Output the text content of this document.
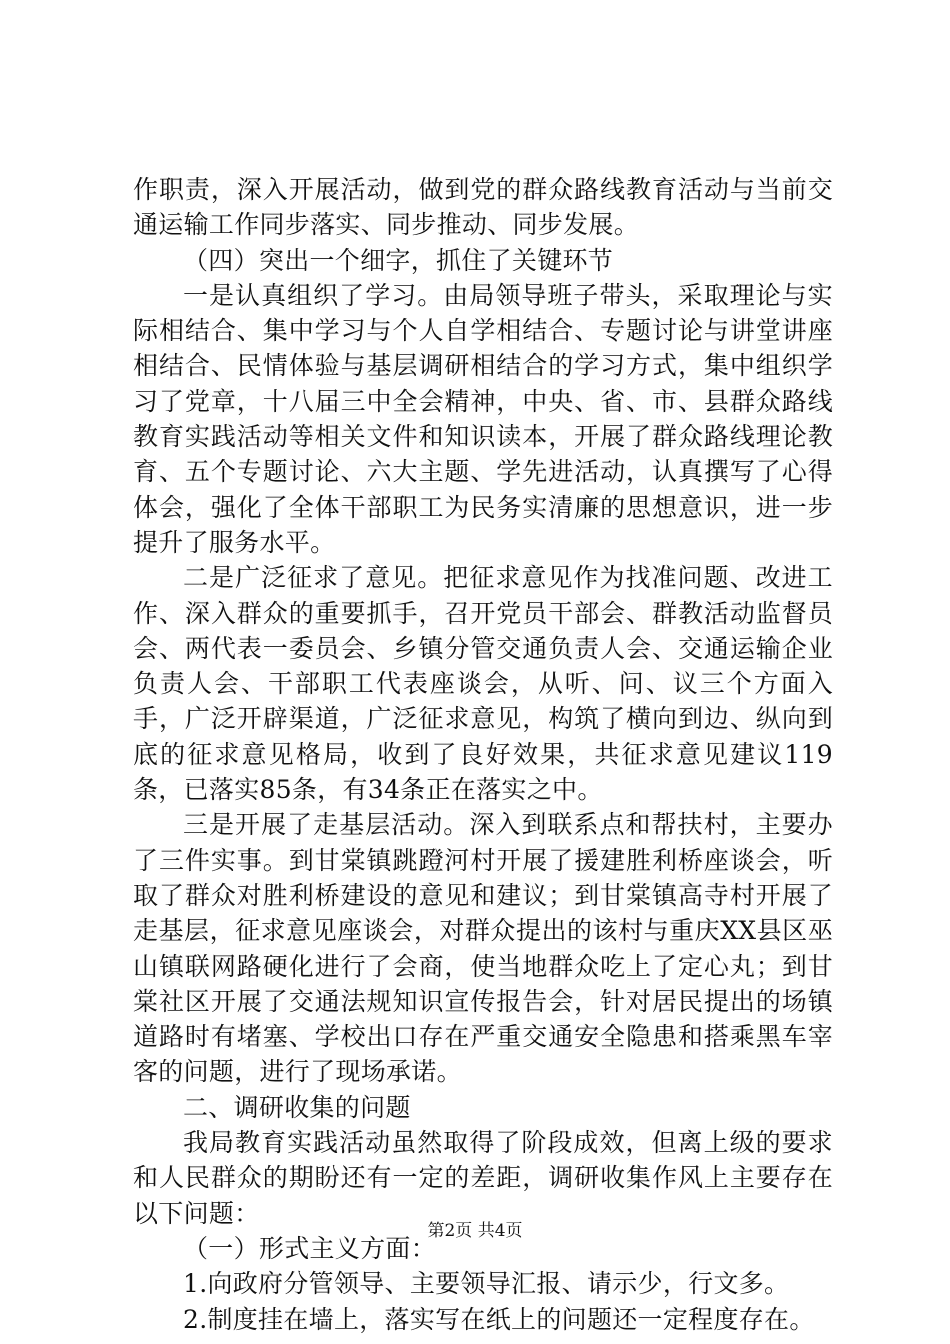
作职责，深入开展活动，做到党的群众路线教育活动与当前交通运输工作同步落实、同步推动、同步发展。

（四）突出一个细字，抓住了关键环节

一是认真组织了学习。由局领导班子带头，采取理论与实际相结合、集中学习与个人自学相结合、专题讨论与讲堂讲座相结合、民情体验与基层调研相结合的学习方式，集中组织学习了党章，十八届三中全会精神，中央、省、市、县群众路线教育实践活动等相关文件和知识读本，开展了群众路线理论教育、五个专题讨论、六大主题、学先进活动，认真撰写了心得体会，强化了全体干部职工为民务实清廉的思想意识，进一步提升了服务水平。

二是广泛征求了意见。把征求意见作为找准问题、改进工作、深入群众的重要抓手，召开党员干部会、群教活动监督员会、两代表一委员会、乡镇分管交通负责人会、交通运输企业负责人会、干部职工代表座谈会，从听、问、议三个方面入手，广泛开辟渠道，广泛征求意见，构筑了横向到边、纵向到底的征求意见格局，收到了良好效果，共征求意见建议119条，已落实85条，有34条正在落实之中。

三是开展了走基层活动。深入到联系点和帮扶村，主要办了三件实事。到甘棠镇跳蹬河村开展了援建胜利桥座谈会，听取了群众对胜利桥建设的意见和建议；到甘棠镇高寺村开展了走基层，征求意见座谈会，对群众提出的该村与重庆XX县区巫山镇联网路硬化进行了会商，使当地群众吃上了定心丸；到甘棠社区开展了交通法规知识宣传报告会，针对居民提出的场镇道路时有堵塞、学校出口存在严重交通安全隐患和搭乘黑车宰客的问题，进行了现场承诺。

二、调研收集的问题

我局教育实践活动虽然取得了阶段成效，但离上级的要求和人民群众的期盼还有一定的差距，调研收集作风上主要存在以下问题：

（一）形式主义方面：

1.向政府分管领导、主要领导汇报、请示少，行文多。

2.制度挂在墙上，落实写在纸上的问题还一定程度存在。

第2页 共4页
